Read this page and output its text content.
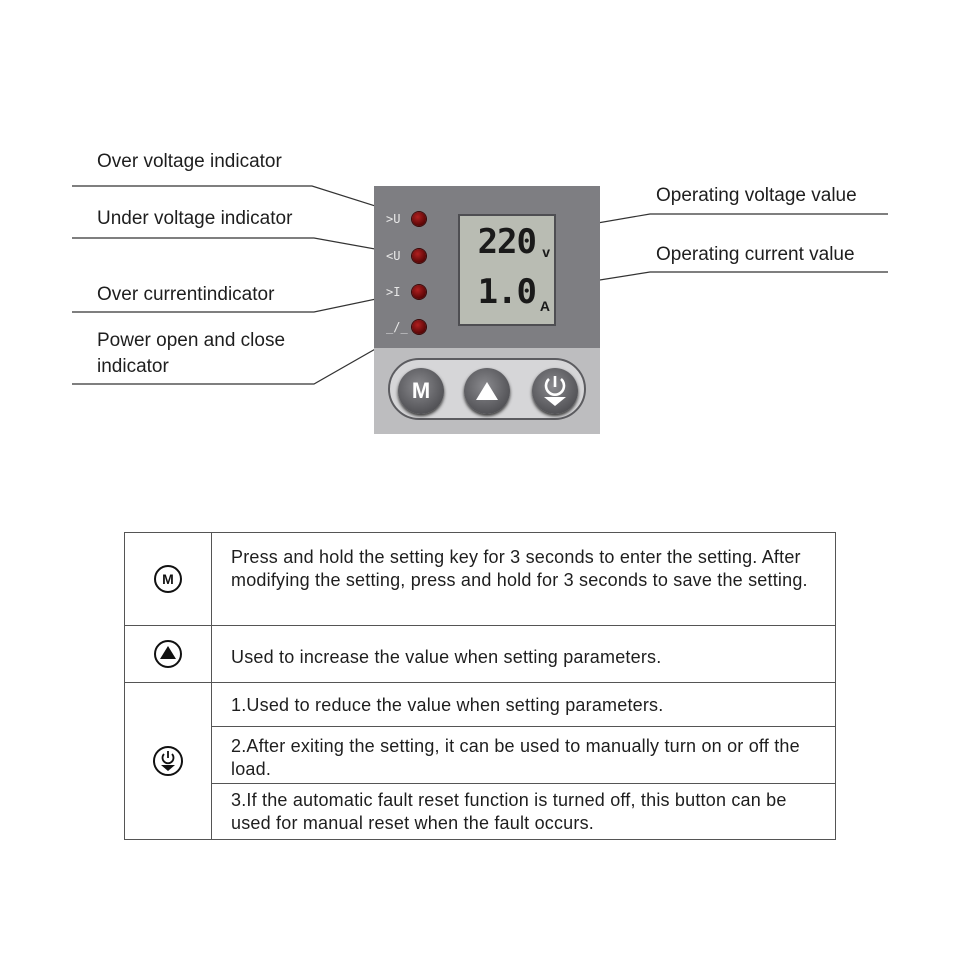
Over voltage indicator
Under voltage indicator
Over currentindicator
Power open and close indicator
Operating voltage value
Operating current value
>U
<U
>I
_/_
220 v
1.0 A
M
M
Press and hold the setting key for 3 seconds to enter the setting. After modifying the setting, press and hold for 3 seconds to save the setting.
Used to increase the value when setting parameters.
1.Used to reduce the value when setting parameters.
2.After exiting the setting, it can be used to manually turn on or off the load.
3.If the automatic fault reset function is turned off, this button can be used for manual reset when the fault occurs.
